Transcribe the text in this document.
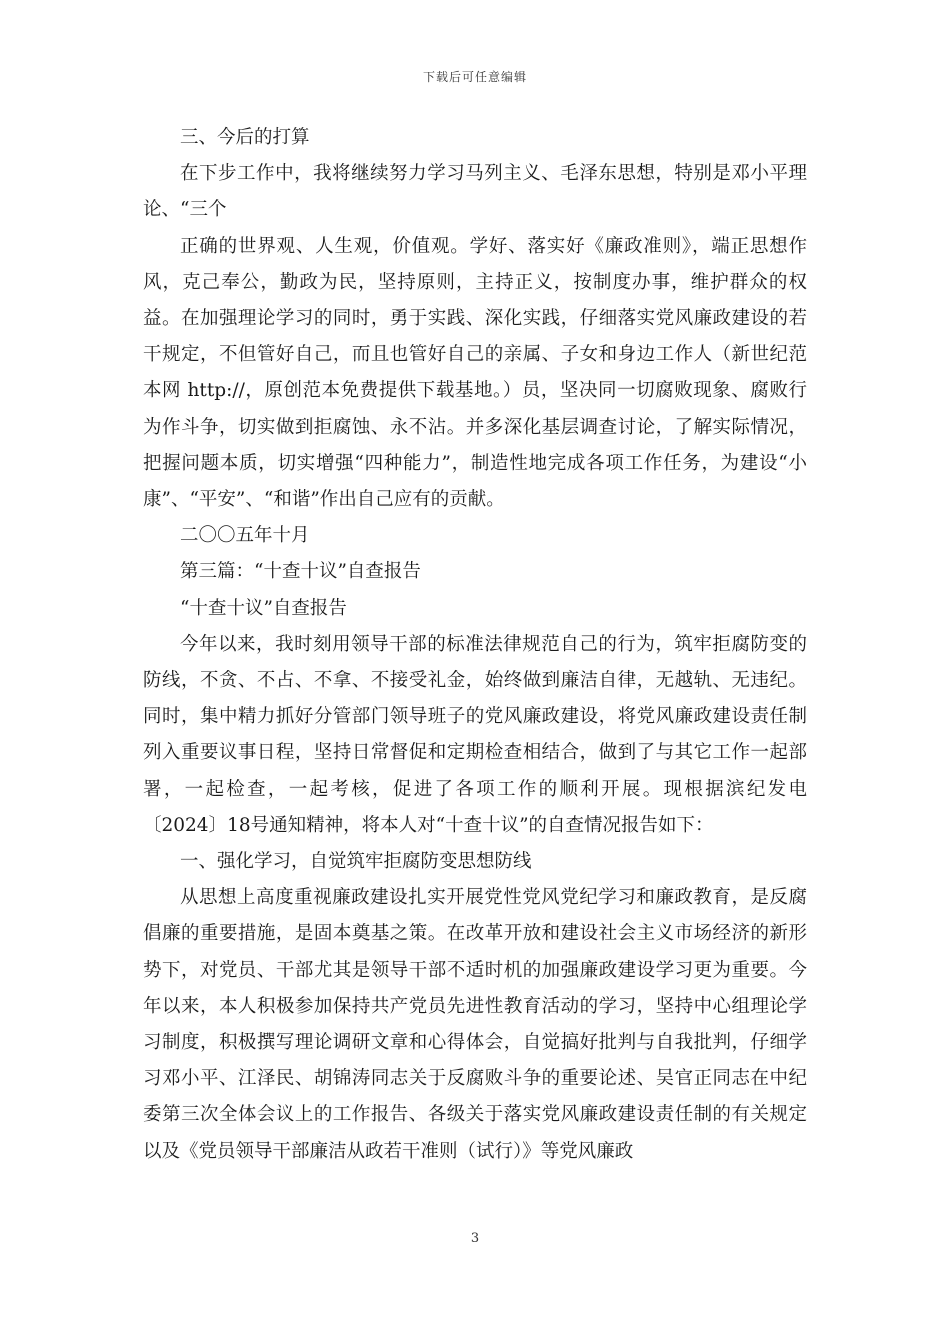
下载后可任意编辑

三、今后的打算

在下步工作中，我将继续努力学习马列主义、毛泽东思想，特别是邓小平理论、“三个

正确的世界观、人生观，价值观。学好、落实好《廉政准则》，端正思想作风，克己奉公，勤政为民，坚持原则，主持正义，按制度办事，维护群众的权益。在加强理论学习的同时，勇于实践、深化实践，仔细落实党风廉政建设的若干规定，不但管好自己，而且也管好自己的亲属、子女和身边工作人（新世纪范本网 http://，原创范本免费提供下载基地。）员，坚决同一切腐败现象、腐败行为作斗争，切实做到拒腐蚀、永不沾。并多深化基层调查讨论，了解实际情况，把握问题本质，切实增强“四种能力”，制造性地完成各项工作任务，为建设“小康”、“平安”、“和谐”作出自己应有的贡献。

二〇〇五年十月

第三篇：“十查十议”自查报告

“十查十议”自查报告

今年以来，我时刻用领导干部的标准法律规范自己的行为，筑牢拒腐防变的防线，不贪、不占、不拿、不接受礼金，始终做到廉洁自律，无越轨、无违纪。同时，集中精力抓好分管部门领导班子的党风廉政建设，将党风廉政建设责任制列入重要议事日程，坚持日常督促和定期检查相结合，做到了与其它工作一起部署，一起检查，一起考核，促进了各项工作的顺利开展。现根据滨纪发电〔2024〕18号通知精神，将本人对“十查十议”的自查情况报告如下：

一、强化学习，自觉筑牢拒腐防变思想防线

从思想上高度重视廉政建设扎实开展党性党风党纪学习和廉政教育，是反腐倡廉的重要措施，是固本奠基之策。在改革开放和建设社会主义市场经济的新形势下，对党员、干部尤其是领导干部不适时机的加强廉政建设学习更为重要。今年以来，本人积极参加保持共产党员先进性教育活动的学习，坚持中心组理论学习制度，积极撰写理论调研文章和心得体会，自觉搞好批判与自我批判，仔细学习邓小平、江泽民、胡锦涛同志关于反腐败斗争的重要论述、吴官正同志在中纪委第三次全体会议上的工作报告、各级关于落实党风廉政建设责任制的有关规定以及《党员领导干部廉洁从政若干准则（试行）》等党风廉政

3
